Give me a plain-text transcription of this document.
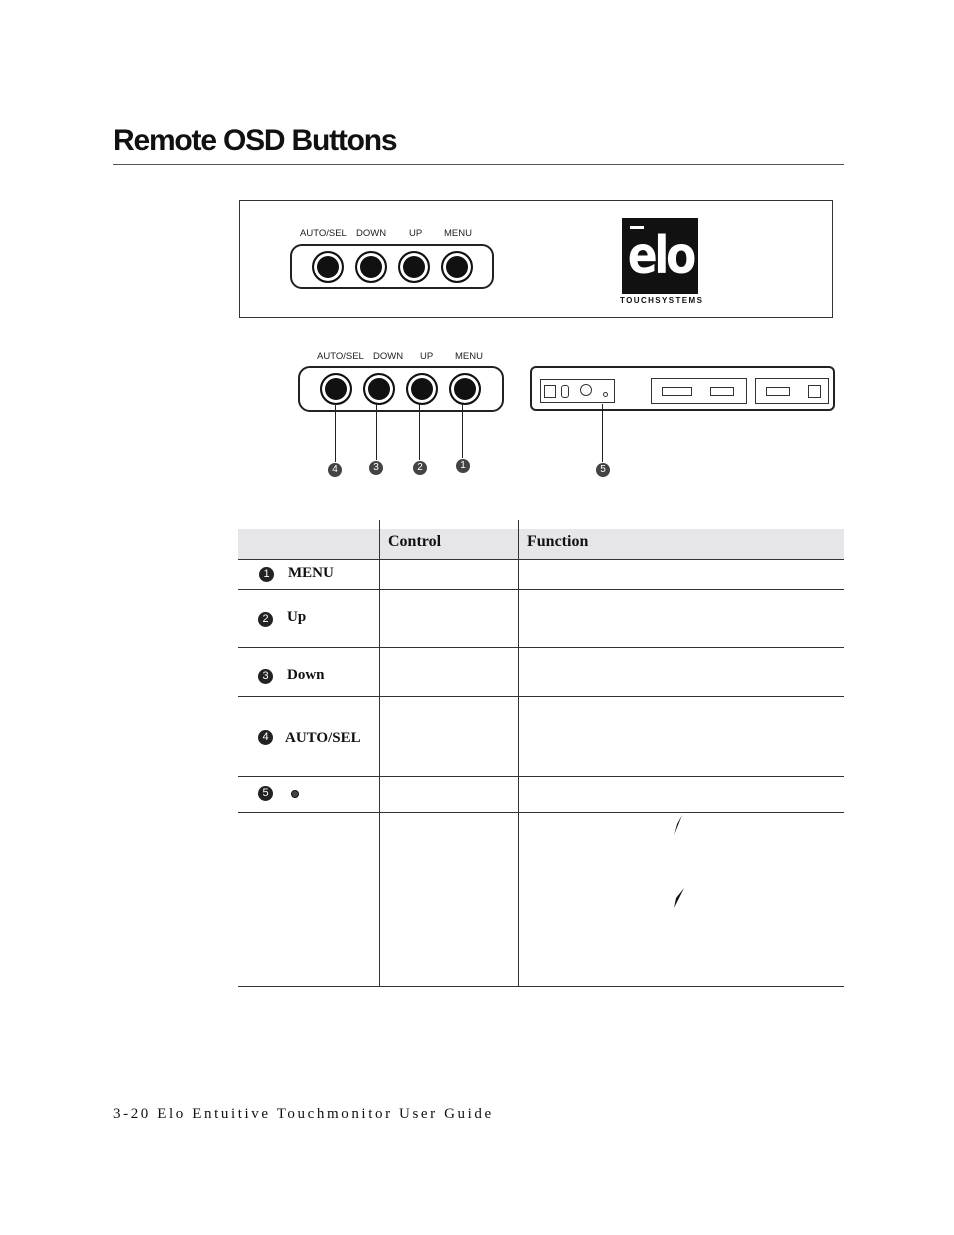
Remote OSD Buttons
AUTO/SEL DOWN UP MENU	elo
TOUCHSYSTEMS
AUTO/SEL DOWN UP MENU
4	3	2	1	5
Control	Function
1 MENU
2 Up
3 Down
4 AUTO/SEL
5
3-20 Elo Entuitive Touchmonitor User Guide
